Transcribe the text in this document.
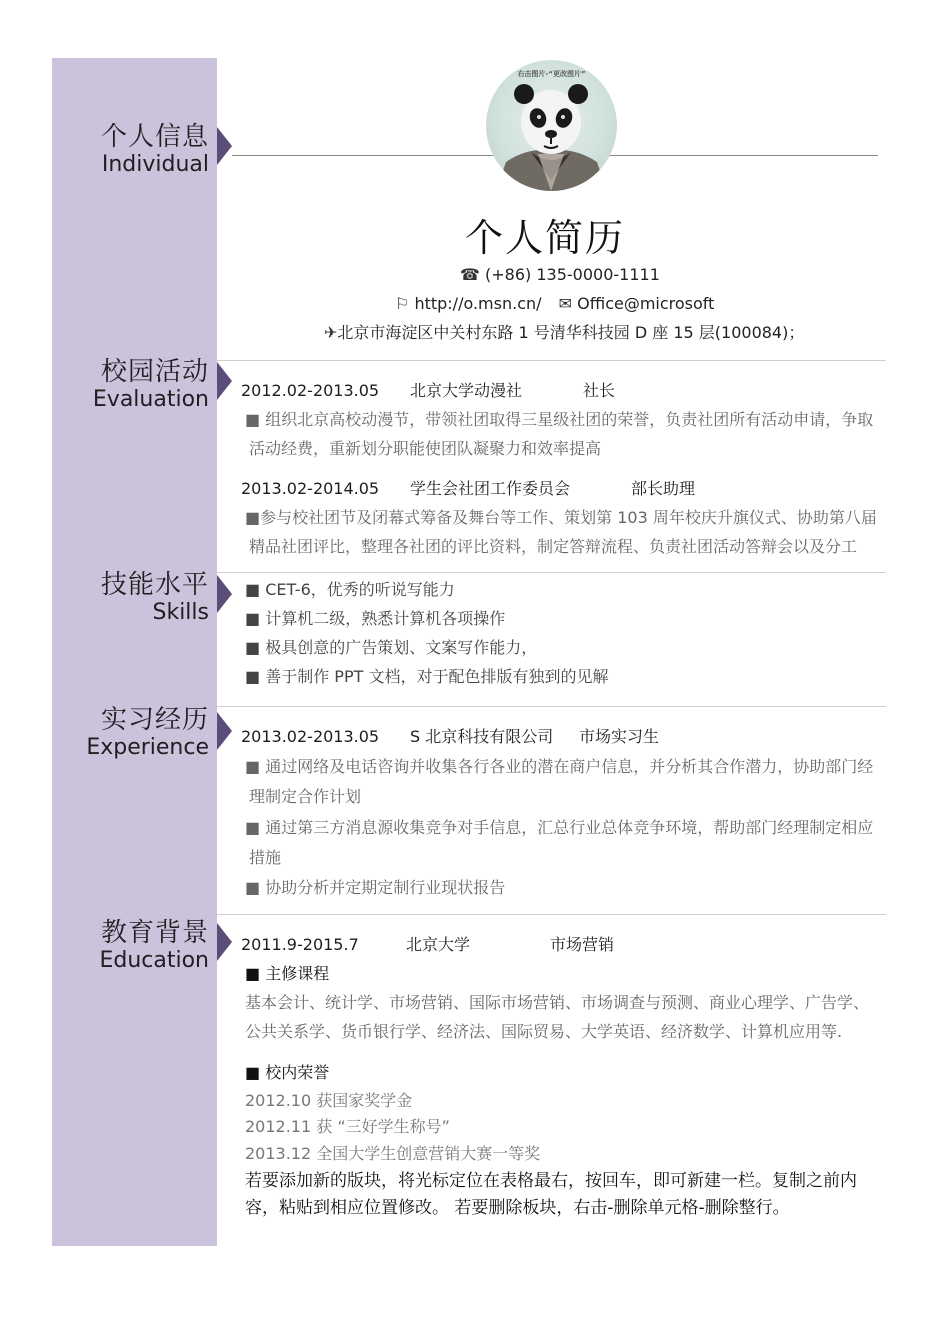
个人信息
Individual
校园活动
Evaluation
技能水平
Skills
实习经历
Experience
教育背景
Education
右击图片-“更改图片”
个人简历
☎ (+86) 135-0000-1111
⚐ http://o.msn.cn/ ✉ Office@microsoft
✈北京市海淀区中关村东路 1 号清华科技园 D 座 15 层(100084)；
2012.02-2013.05 北京大学动漫社	社长
■ 组织北京高校动漫节，带领社团取得三星级社团的荣誉，负责社团所有活动申请，争取
活动经费，重新划分职能使团队凝聚力和效率提高
2013.02-2014.05 学生会社团工作委员会	部长助理
■参与校社团节及闭幕式筹备及舞台等工作、策划第 103 周年校庆升旗仪式、协助第八届
精品社团评比，整理各社团的评比资料，制定答辩流程、负责社团活动答辩会以及分工
■ CET-6，优秀的听说写能力
■ 计算机二级，熟悉计算机各项操作
■ 极具创意的广告策划、文案写作能力，
■ 善于制作 PPT 文档，对于配色排版有独到的见解
2013.02-2013.05 S 北京科技有限公司 市场实习生
■ 通过网络及电话咨询并收集各行各业的潜在商户信息，并分析其合作潜力，协助部门经
理制定合作计划
■ 通过第三方消息源收集竞争对手信息，汇总行业总体竞争环境，帮助部门经理制定相应
措施
■ 协助分析并定期定制行业现状报告
2011.9-2015.7	北京大学	市场营销
■ 主修课程
基本会计、统计学、市场营销、国际市场营销、市场调查与预测、商业心理学、广告学、
公共关系学、货币银行学、经济法、国际贸易、大学英语、经济数学、计算机应用等.
■ 校内荣誉
2012.10 获国家奖学金
2012.11 获 “三好学生称号”
2013.12 全国大学生创意营销大赛一等奖
若要添加新的版块，将光标定位在表格最右，按回车，即可新建一栏。复制之前内
容，粘贴到相应位置修改。 若要删除板块，右击-删除单元格-删除整行。
